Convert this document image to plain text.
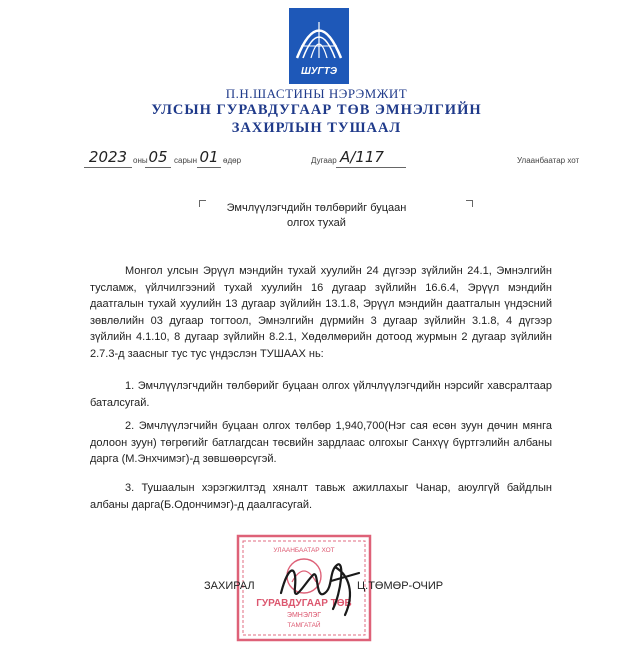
ШУГТЭ
П.Н.ШАСТИНЫ НЭРЭМЖИТ
УЛСЫН ГУРАВДУГААР ТӨВ ЭМНЭЛГИЙН
ЗАХИРЛЫН ТУШААЛ
2023 оны 05 сарын 01 өдөр	Дугаар А/117	Улаанбаатар хот
Эмчлүүлэгчдийн төлбөрийг буцаан
олгох тухай
Монгол улсын Эрүүл мэндийн тухай хуулийн 24 дүгээр зүйлийн 24.1, Эмнэлгийн тусламж, үйлчилгээний тухай хуулийн 16 дугаар зүйлийн 16.6.4, Эрүүл мэндийн даатгалын тухай хуулийн 13 дугаар зүйлийн 13.1.8, Эрүүл мэндийн даатгалын үндэсний зөвлөлийн 03 дугаар тогтоол, Эмнэлгийн дүрмийн 3 дугаар зүйлийн 3.1.8, 4 дүгээр зүйлийн 4.1.10, 8 дугаар зүйлийн 8.2.1, Хөдөлмөрийн дотоод журмын 2 дугаар зүйлийн 2.7.3-д заасныг тус тус үндэслэн ТУШААХ нь:
1. Эмчлүүлэгчдийн төлбөрийг буцаан олгох үйлчлүүлэгчдийн нэрсийг хавсралтаар баталсугай.
2. Эмчлүүлэгчийн буцаан олгох төлбөр 1,940,700(Нэг сая есөн зуун дөчин мянга долоон зуун) төгрөгийг батлагдсан төсвийн зардлаас олгохыг Санхүү бүртгэлийн албаны дарга (М.Энхчимэг)-д зөвшөөрсүгэй.
3. Тушаалын хэрэгжилтэд хяналт тавьж ажиллахыг Чанар, аюулгүй байдлын албаны дарга(Б.Одончимэг)-д даалгасугай.
УЛААНБААТАР ХОТ
ГУРАВДУГААР ТӨВ
ЭМНЭЛЭГ
ТАМГАТАЙ
ЗАХИРАЛ	Ц.ТӨМӨР-ОЧИР
